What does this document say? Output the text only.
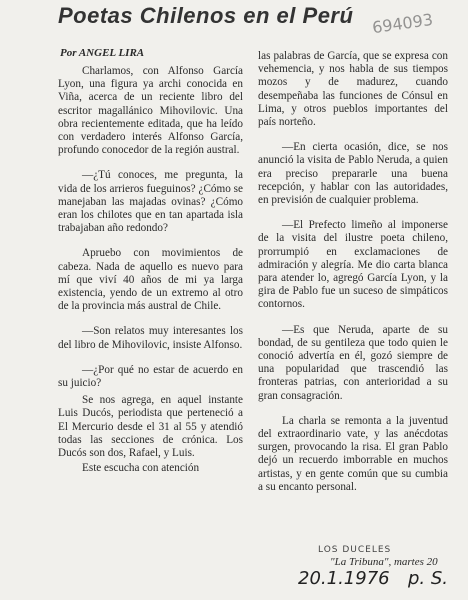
Poetas Chilenos en el Perú 694093
Por ANGEL LIRA

Charlamos, con Alfonso García Lyon, una figura ya archi conocida en Viña, acerca de un reciente libro del escritor magallánico Mihovilovic. Una obra recientemente editada, que ha leído con verdadero interés Alfonso García, profundo conocedor de la región austral.

—¿Tú conoces, me pregunta, la vida de los arrieros fueguinos? ¿Cómo se manejaban las majadas ovinas? ¿Cómo eran los chilotes que en tan apartada isla trabajaban año redondo?

Apruebo con movimientos de cabeza. Nada de aquello es nuevo para mí que viví 40 años de mi ya larga existencia, yendo de un extremo al otro de la provincia más austral de Chile.

—Son relatos muy interesantes los del libro de Mihovilovic, insiste Alfonso.

—¿Por qué no estar de acuerdo en su juicio?

Se nos agrega, en aquel instante Luis Ducós, periodista que perteneció a El Mercurio desde el 31 al 55 y atendió todas las secciones de crónica. Los Ducós son dos, Rafael, y Luis.

Este escucha con atención

las palabras de García, que se expresa con vehemencia, y nos habla de sus tiempos mozos y de madurez, cuando desempeñaba las funciones de Cónsul en Lima, y otros pueblos importantes del país norteño.

—En cierta ocasión, dice, se nos anunció la visita de Pablo Neruda, a quien era preciso prepararle una buena recepción, y hablar con las autoridades, en previsión de cualquier problema.

—El Prefecto limeño al imponerse de la visita del ilustre poeta chileno, prorrumpió en exclamaciones de admiración y alegría. Me dio carta blanca para atender lo, agregó García Lyon, y la gira de Pablo fue un suceso de simpáticos contornos.

—Es que Neruda, aparte de su bondad, de su gentileza que todo quien le conoció advertía en él, gozó siempre de una popularidad que trascendió las fronteras patrias, con anterioridad a su gran consagración.

La charla se remonta a la juventud del extraordinario vate, y las anécdotas surgen, provocando la risa. El gran Pablo dejó un recuerdo imborrable en muchos artistas, y en gente común que su cumbia a su encanto personal.

LOS DUCELES
"La Tribuna", martes 20
20.1.1976 p. S.
